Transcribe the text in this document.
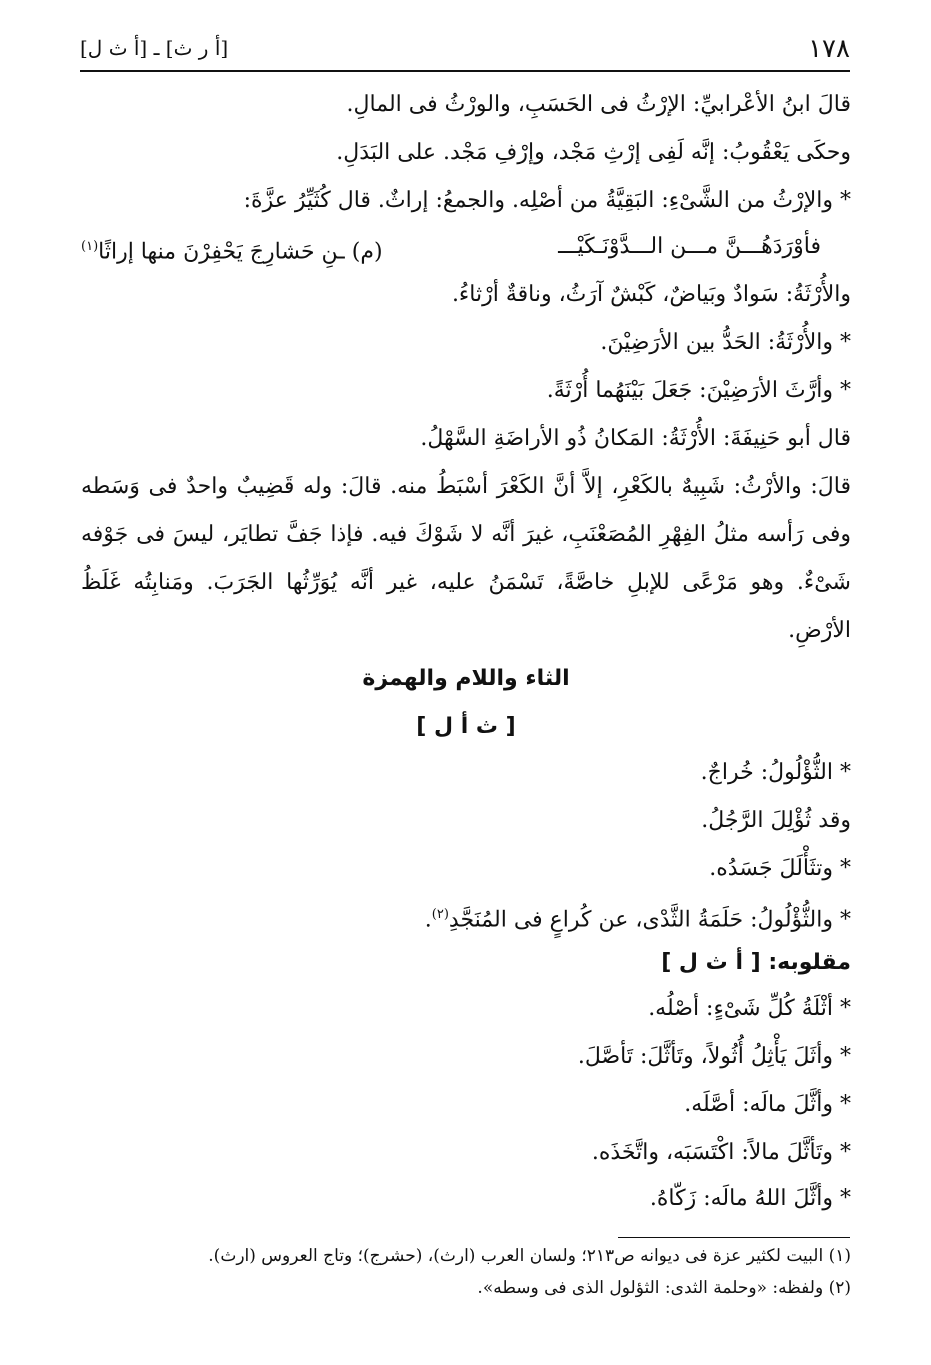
١٧٨
[أ ر ث] ـ [أ ث ل]
قالَ ابنُ الأعْرابيِّ: الإرْثُ فى الحَسَبِ، والورْثُ فى المالِ.
وحكَى يَعْقُوبُ: إنَّه لَفِى إرْثِ مَجْد، وإرْفِ مَجْد. على البَدَلِ.
* والإرْثُ من الشَّىْءِ: البَقِيَّةُ من أصْلِه. والجمعُ: إراثٌ. قال كُثَيِّرُ عزَّةَ:
فأوْرَدَهُـــنَّ مـــن الـــدَّوْنَـكَيْـــ
(م) ـنِ حَشارِجَ يَحْفِرْنَ منها إراثًا$^{(١)}$
والأُرْثَةُ: سَوادٌ وبَياضٌ، كَبْشٌ آرَثُ، وناقةٌ أرْثاءُ.
* والأُرْثَةُ: الحَدُّ بين الأرَضِيْنَ.
* وأرَّثَ الأرَضِيْنَ: جَعَلَ بَيْنَهُما أُرْثَةً.
قال أبو حَنِيفَةَ: الأُرْثَةُ: المَكانُ ذُو الأراضَةِ السَّهْلُ.
قالَ: والأرْثُ: شَبِيهٌ بالكَعْرِ، إلاَّ أنَّ الكَعْرَ أسْبَطُ منه. قالَ: وله قَضِيبٌ واحدٌ فى وَسَطه
وفى رَأسه مثلُ الفِهْرِ المُصَعْنَبِ، غيرَ أنَّه لا شَوْكَ فيه. فإذا جَفَّ تطايَر، ليسَ فى جَوْفه
شَىْءٌ. وهو مَرْعًى للإبلِ خاصَّةً، تَسْمَنُ عليه، غير أنَّه يُوَرِّثُها الجَرَبَ. ومَنابِتُه غَلَظُ
الأرْضِ.
الثاء واللام والهمزة
[ ث أ ل ]
* الثُّؤْلُولُ: خُراجٌ.
وقد ثُؤْلِلَ الرَّجُلُ.
* وتثَأْلَلَ جَسَدُه.
* والثُّؤْلُولُ: حَلَمَةُ الثَّدْى، عن كُراعٍ فى المُنَجَّدِ$^{(٢)}$.
مقلوبه: [ أ ث ل ]
* أثْلَةُ كُلِّ شَىْءٍ: أصْلُه.
* وأثَلَ يَأْثِلُ أُثُولاً، وتَأثَّلَ: تَأصَّلَ.
* وأثَّلَ مالَه: أصَّلَه.
* وتَأثَّلَ مالاً: اكْتَسَبَه، واتَّخَذَه.
* وأثَّلَ اللهُ مالَه: زَكّاهُ.
(١) البيت لكثير عزة فى ديوانه ص٢١٣؛ ولسان العرب (ارث)، (حشرج)؛ وتاج العروس (ارث).
(٢) ولفظه: «وحلمة الثدى: الثؤلول الذى فى وسطه».
